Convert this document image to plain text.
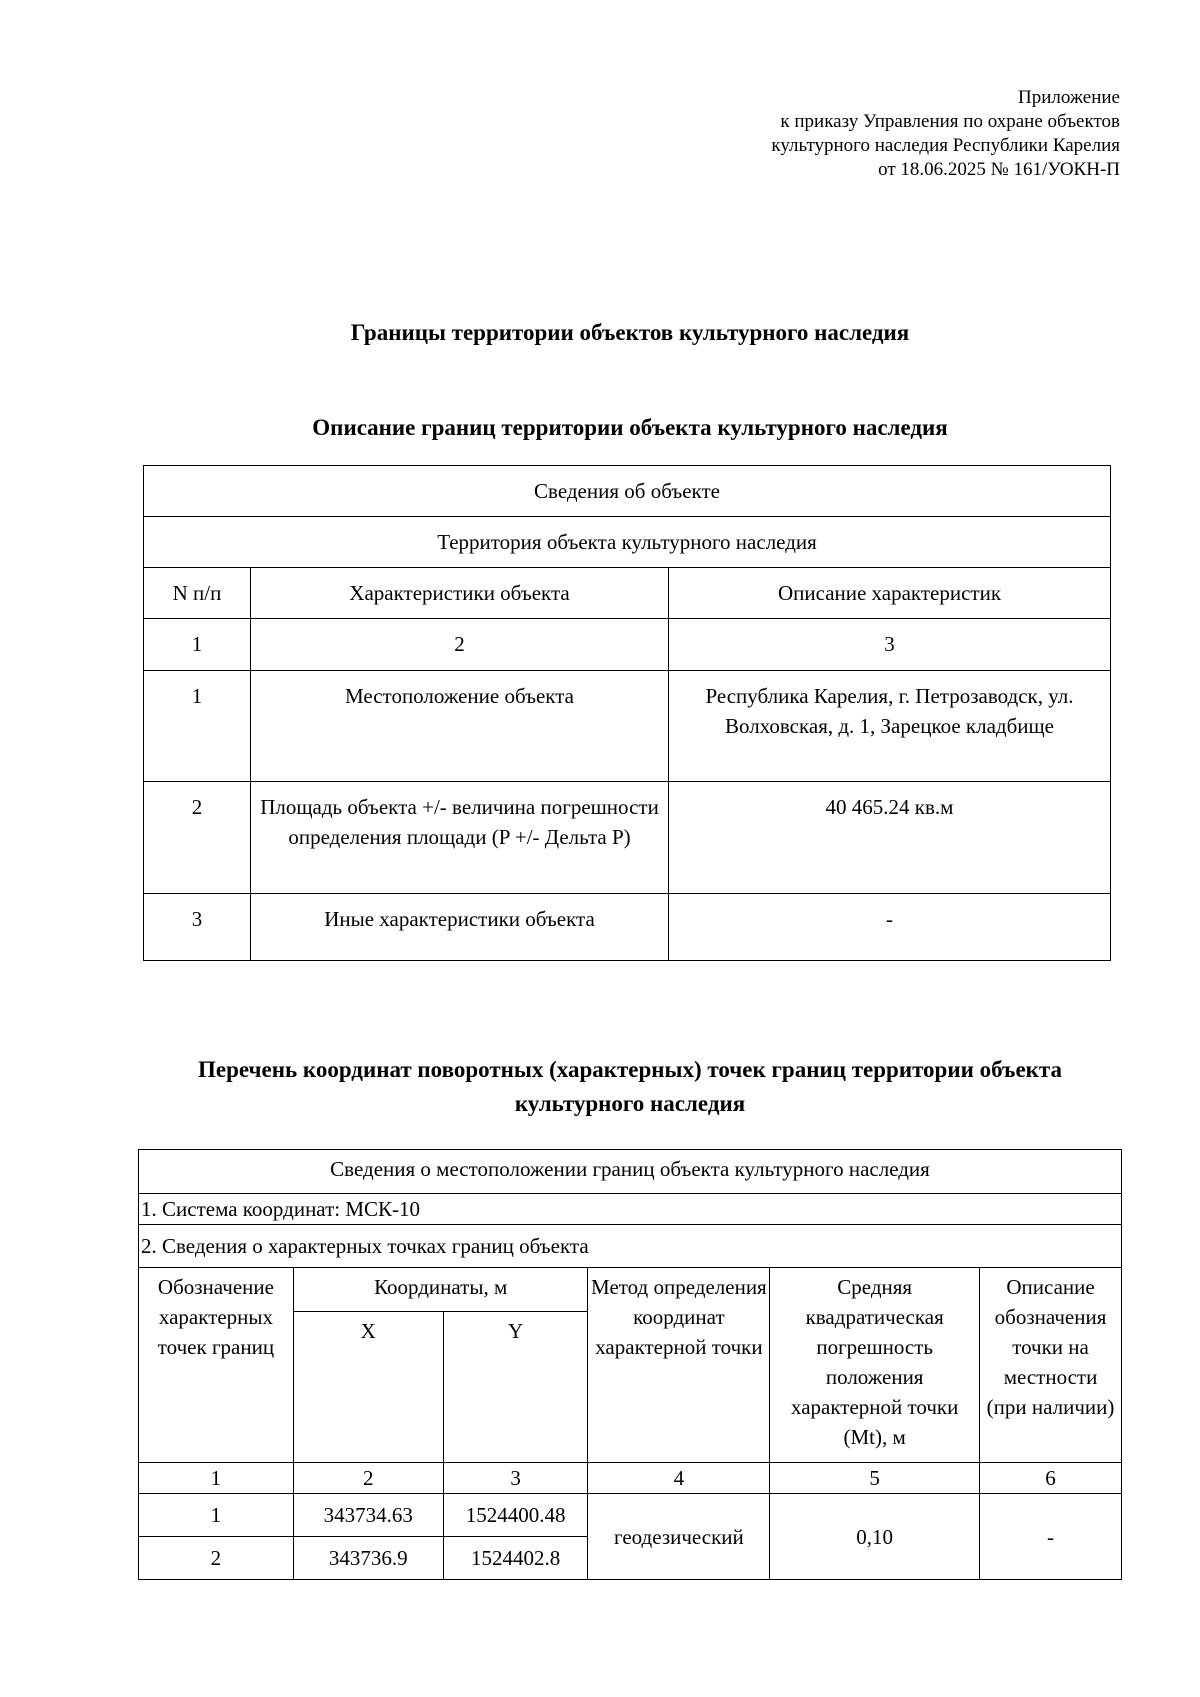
Приложение
к приказу Управления по охране объектов
культурного наследия Республики Карелия
от 18.06.2025 № 161/УОКН-П
Границы территории объектов культурного наследия
Описание границ территории объекта культурного наследия
Сведения об объекте		
Территория объекта культурного наследия		
N п/п	Характеристики объекта	Описание характеристик
1	2	3
1	Местоположение объекта	Республика Карелия, г. Петрозаводск, ул. Волховская, д. 1, Зарецкое кладбище
2	Площадь объекта +/- величина погрешности определения площади (P +/- Дельта P)	40 465.24 кв.м
3	Иные характеристики объекта	-
Перечень координат поворотных (характерных) точек границ территории объекта культурного наследия
Сведения о местоположении границ объекта культурного наследия					
1. Система координат: МСК-10					
2. Сведения о характерных точках границ объекта					
Обозначение характерных точек границ	Координаты, м		Метод определения координат характерной точки	Средняя квадратическая погрешность положения характерной точки (Mt), м	Описание обозначения точки на местности (при наличии)
	X	Y			
1	2	3	4	5	6
1	343734.63	1524400.48	геодезический	0,10	-
2	343736.9	1524402.8			
